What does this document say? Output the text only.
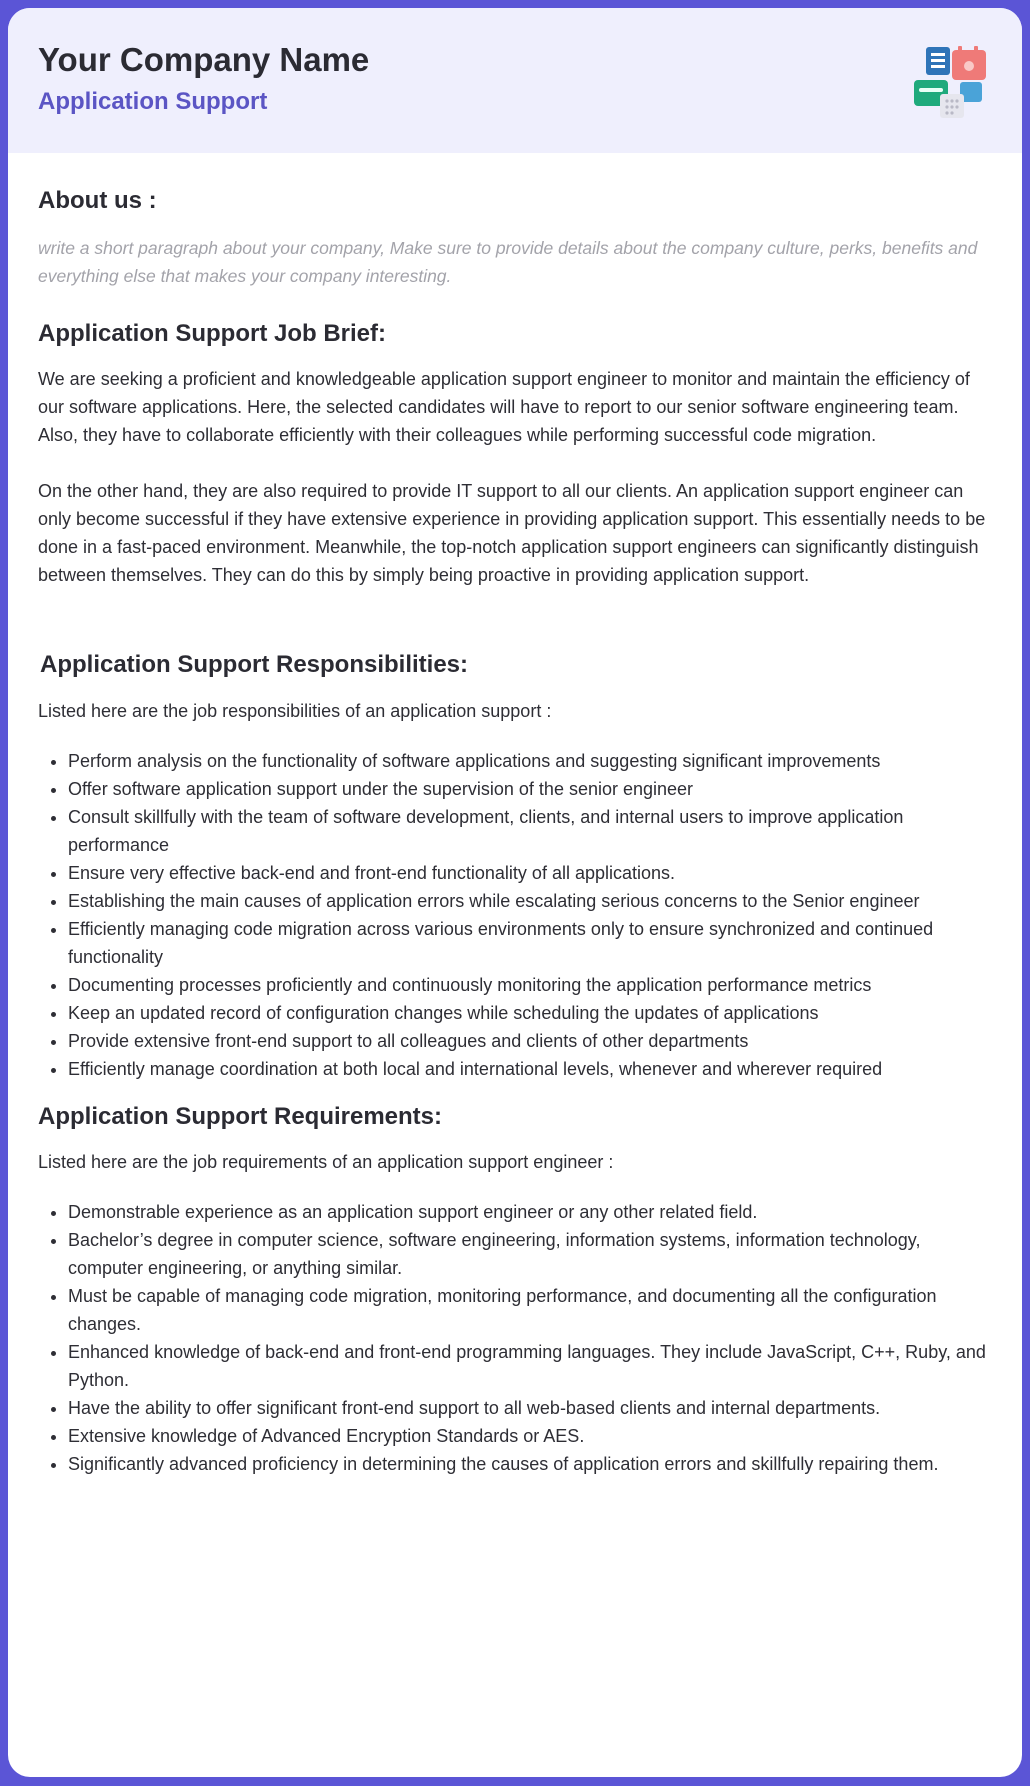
Your Company Name
Application Support
About us :

write a short paragraph about your company, Make sure to provide details about the company culture, perks, benefits and everything else that makes your company interesting.

Application Support Job Brief:

We are seeking a proficient and knowledgeable application support engineer to monitor and maintain the efficiency of our software applications. Here, the selected candidates will have to report to our senior software engineering team. Also, they have to collaborate efficiently with their colleagues while performing successful code migration.

On the other hand, they are also required to provide IT support to all our clients. An application support engineer can only become successful if they have extensive experience in providing application support. This essentially needs to be done in a fast-paced environment. Meanwhile, the top-notch application support engineers can significantly distinguish between themselves. They can do this by simply being proactive in providing application support.

Application Support Responsibilities:

Listed here are the job responsibilities of an application support :

• Perform analysis on the functionality of software applications and suggesting significant improvements
• Offer software application support under the supervision of the senior engineer
• Consult skillfully with the team of software development, clients, and internal users to improve application performance
• Ensure very effective back-end and front-end functionality of all applications.
• Establishing the main causes of application errors while escalating serious concerns to the Senior engineer
• Efficiently managing code migration across various environments only to ensure synchronized and continued functionality
• Documenting processes proficiently and continuously monitoring the application performance metrics
• Keep an updated record of configuration changes while scheduling the updates of applications
• Provide extensive front-end support to all colleagues and clients of other departments
• Efficiently manage coordination at both local and international levels, whenever and wherever required
Application Support Requirements:

Listed here are the job requirements of an application support engineer :

• Demonstrable experience as an application support engineer or any other related field.
• Bachelor’s degree in computer science, software engineering, information systems, information technology, computer engineering, or anything similar.
• Must be capable of managing code migration, monitoring performance, and documenting all the configuration changes.
• Enhanced knowledge of back-end and front-end programming languages. They include JavaScript, C++, Ruby, and Python.
• Have the ability to offer significant front-end support to all web-based clients and internal departments.
• Extensive knowledge of Advanced Encryption Standards or AES.
• Significantly advanced proficiency in determining the causes of application errors and skillfully repairing them.
